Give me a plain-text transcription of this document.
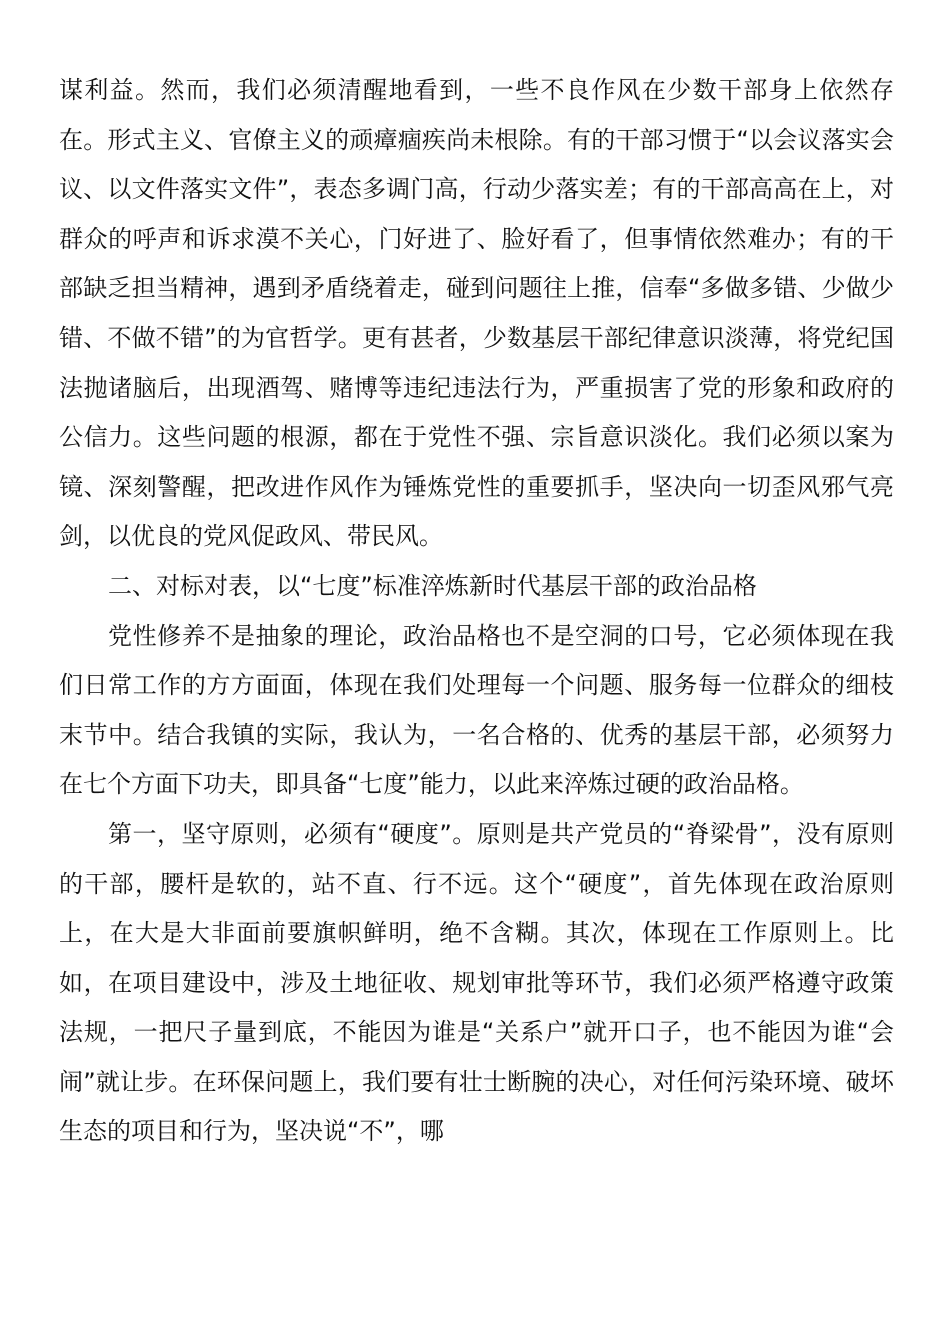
谋利益。然而，我们必须清醒地看到，一些不良作风在少数干部身上依然存在。形式主义、官僚主义的顽瘴痼疾尚未根除。有的干部习惯于“以会议落实会议、以文件落实文件”，表态多调门高，行动少落实差；有的干部高高在上，对群众的呼声和诉求漠不关心，门好进了、脸好看了，但事情依然难办；有的干部缺乏担当精神，遇到矛盾绕着走，碰到问题往上推，信奉“多做多错、少做少错、不做不错”的为官哲学。更有甚者，少数基层干部纪律意识淡薄，将党纪国法抛诸脑后，出现酒驾、赌博等违纪违法行为，严重损害了党的形象和政府的公信力。这些问题的根源，都在于党性不强、宗旨意识淡化。我们必须以案为镜、深刻警醒，把改进作风作为锤炼党性的重要抓手，坚决向一切歪风邪气亮剑，以优良的党风促政风、带民风。

二、对标对表，以“七度”标准淬炼新时代基层干部的政治品格

党性修养不是抽象的理论，政治品格也不是空洞的口号，它必须体现在我们日常工作的方方面面，体现在我们处理每一个问题、服务每一位群众的细枝末节中。结合我镇的实际，我认为，一名合格的、优秀的基层干部，必须努力在七个方面下功夫，即具备“七度”能力，以此来淬炼过硬的政治品格。

第一，坚守原则，必须有“硬度”。原则是共产党员的“脊梁骨”，没有原则的干部，腰杆是软的，站不直、行不远。这个“硬度”，首先体现在政治原则上，在大是大非面前要旗帜鲜明，绝不含糊。其次，体现在工作原则上。比如，在项目建设中，涉及土地征收、规划审批等环节，我们必须严格遵守政策法规，一把尺子量到底，不能因为谁是“关系户”就开口子，也不能因为谁“会闹”就让步。在环保问题上，我们要有壮士断腕的决心，对任何污染环境、破坏生态的项目和行为，坚决说“不”，哪
